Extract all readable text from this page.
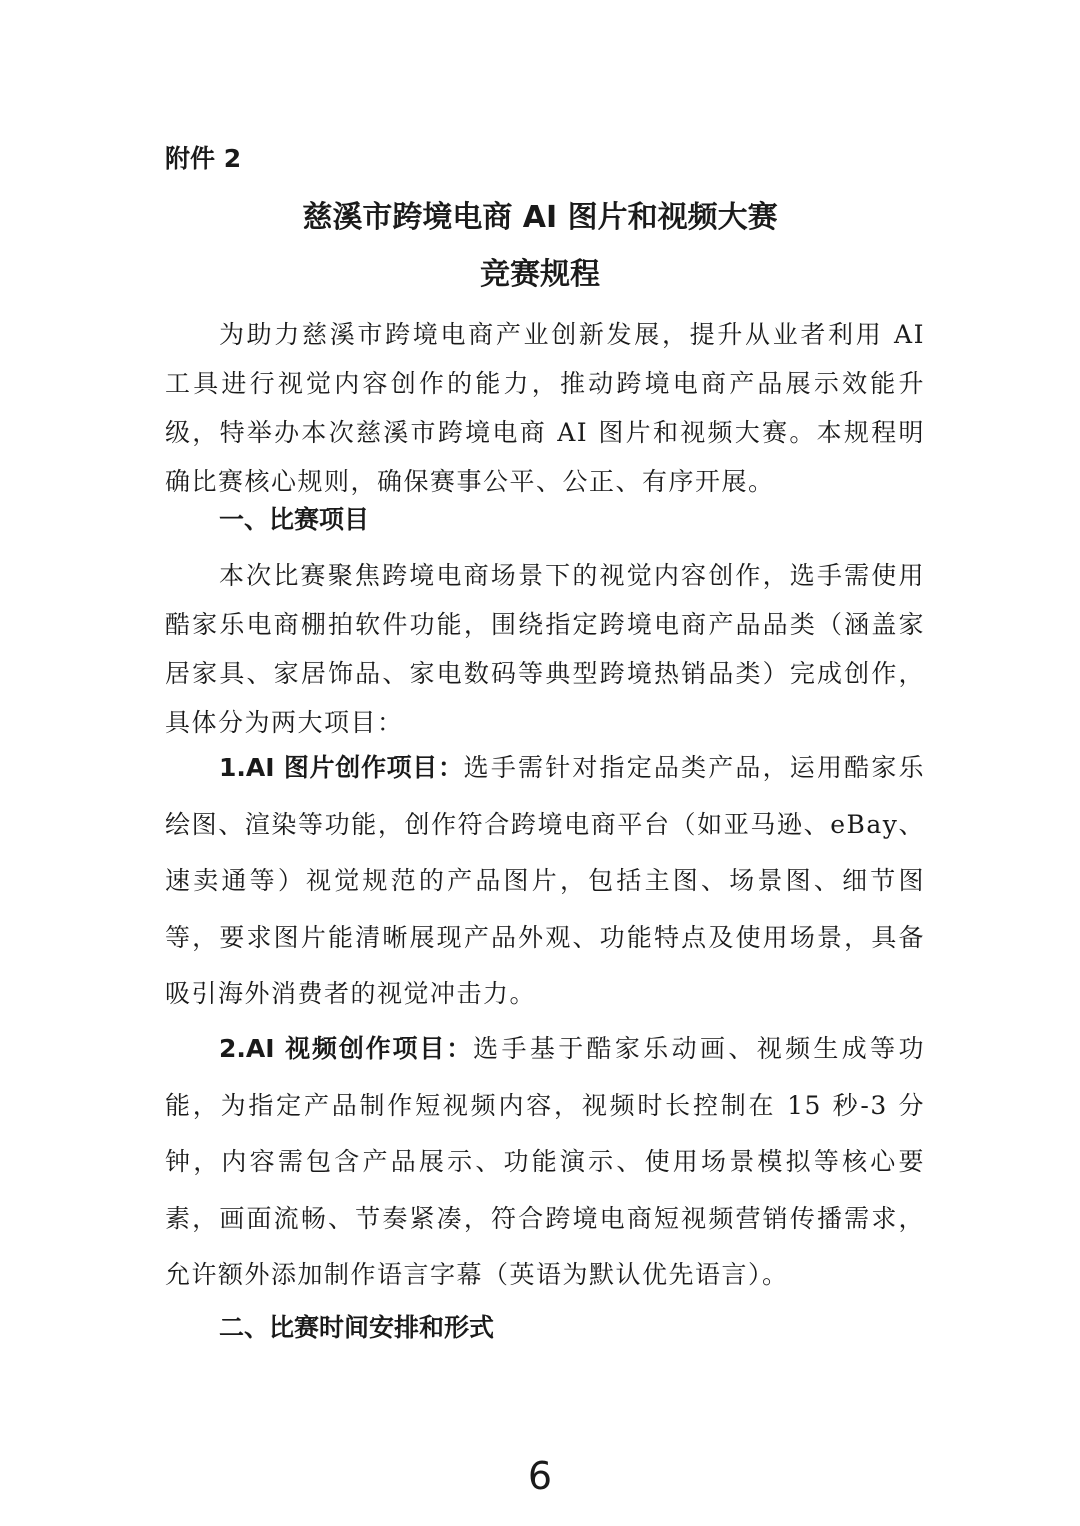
附件 2

慈溪市跨境电商 AI 图片和视频大赛
竞赛规程

为助力慈溪市跨境电商产业创新发展，提升从业者利用 AI 工具进行视觉内容创作的能力，推动跨境电商产品展示效能升级，特举办本次慈溪市跨境电商 AI 图片和视频大赛。本规程明确比赛核心规则，确保赛事公平、公正、有序开展。

一、比赛项目

本次比赛聚焦跨境电商场景下的视觉内容创作，选手需使用酷家乐电商棚拍软件功能，围绕指定跨境电商产品品类（涵盖家居家具、家居饰品、家电数码等典型跨境热销品类）完成创作，具体分为两大项目：

1.AI 图片创作项目：选手需针对指定品类产品，运用酷家乐绘图、渲染等功能，创作符合跨境电商平台（如亚马逊、eBay、速卖通等）视觉规范的产品图片，包括主图、场景图、细节图等，要求图片能清晰展现产品外观、功能特点及使用场景，具备吸引海外消费者的视觉冲击力。

2.AI 视频创作项目：选手基于酷家乐动画、视频生成等功能，为指定产品制作短视频内容，视频时长控制在 15 秒-3 分钟，内容需包含产品展示、功能演示、使用场景模拟等核心要素，画面流畅、节奏紧凑，符合跨境电商短视频营销传播需求，允许额外添加制作语言字幕（英语为默认优先语言）。

二、比赛时间安排和形式

6
